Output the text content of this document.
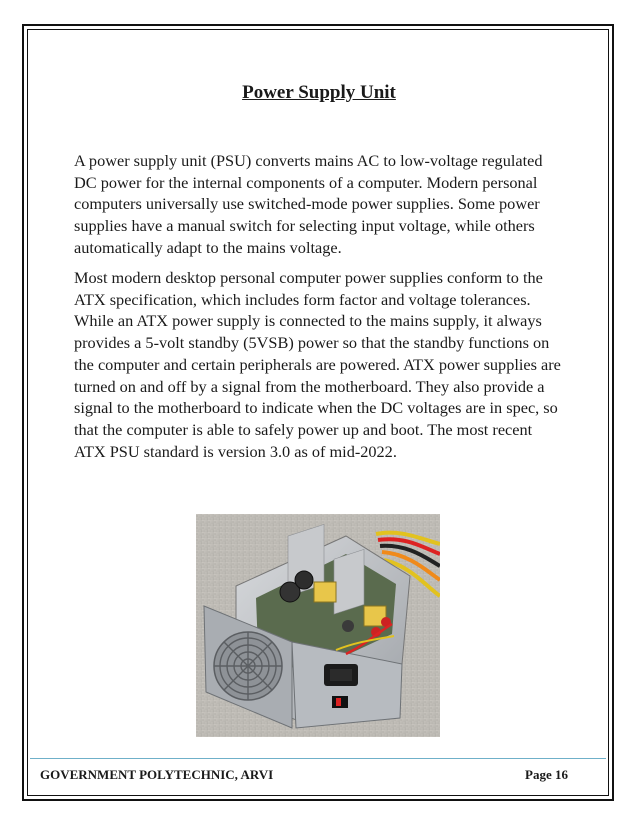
Power Supply Unit

A power supply unit (PSU) converts mains AC to low-voltage regulated DC power for the internal components of a computer. Modern personal computers universally use switched-mode power supplies. Some power supplies have a manual switch for selecting input voltage, while others automatically adapt to the mains voltage.

Most modern desktop personal computer power supplies conform to the ATX specification, which includes form factor and voltage tolerances. While an ATX power supply is connected to the mains supply, it always provides a 5-volt standby (5VSB) power so that the standby functions on the computer and certain peripherals are powered. ATX power supplies are turned on and off by a signal from the motherboard. They also provide a signal to the motherboard to indicate when the DC voltages are in spec, so that the computer is able to safely power up and boot. The most recent ATX PSU standard is version 3.0 as of mid-2022.

GOVERNMENT POLYTECHNIC, ARVI	Page 16
